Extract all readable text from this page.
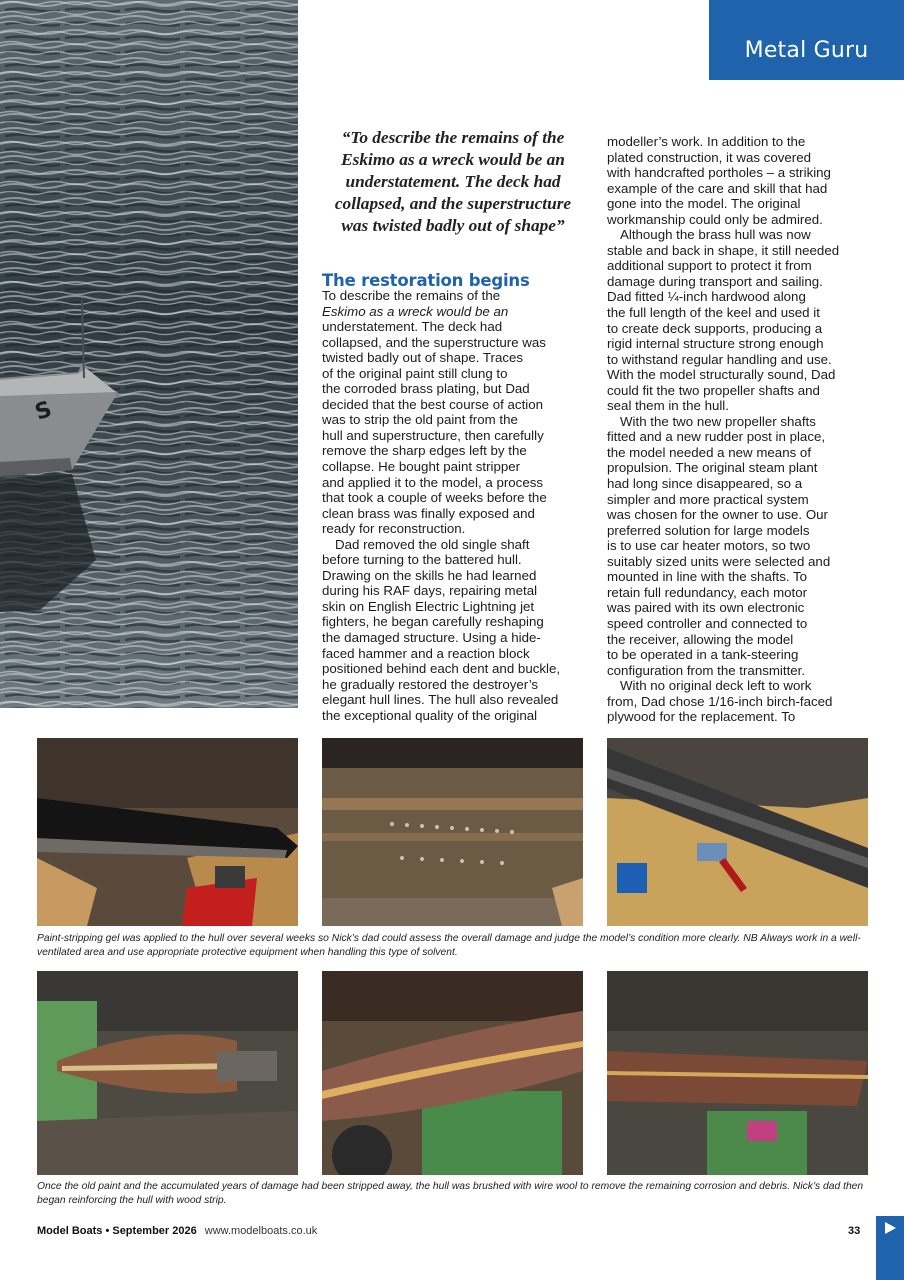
S
Metal Guru
“To describe the remains of the Eskimo as a wreck would be an understatement. The deck had collapsed, and the superstructure was twisted badly out of shape”
The restoration begins

To describe the remains of the

Eskimo as a wreck would be an

understatement. The deck had

collapsed, and the superstructure was

twisted badly out of shape. Traces

of the original paint still clung to

the corroded brass plating, but Dad

decided that the best course of action

was to strip the old paint from the

hull and superstructure, then carefully

remove the sharp edges left by the

collapse. He bought paint stripper

and applied it to the model, a process

that took a couple of weeks before the

clean brass was finally exposed and

ready for reconstruction.

Dad removed the old single shaft

before turning to the battered hull.

Drawing on the skills he had learned

during his RAF days, repairing metal

skin on English Electric Lightning jet

fighters, he began carefully reshaping

the damaged structure. Using a hide-

faced hammer and a reaction block

positioned behind each dent and buckle,

he gradually restored the destroyer’s

elegant hull lines. The hull also revealed

the exceptional quality of the original

modeller’s work. In addition to the

plated construction, it was covered

with handcrafted portholes – a striking

example of the care and skill that had

gone into the model. The original

workmanship could only be admired.

Although the brass hull was now

stable and back in shape, it still needed

additional support to protect it from

damage during transport and sailing.

Dad fitted ¼-inch hardwood along

the full length of the keel and used it

to create deck supports, producing a

rigid internal structure strong enough

to withstand regular handling and use.

With the model structurally sound, Dad

could fit the two propeller shafts and

seal them in the hull.

With the two new propeller shafts

fitted and a new rudder post in place,

the model needed a new means of

propulsion. The original steam plant

had long since disappeared, so a

simpler and more practical system

was chosen for the owner to use. Our

preferred solution for large models

is to use car heater motors, so two

suitably sized units were selected and

mounted in line with the shafts. To

retain full redundancy, each motor

was paired with its own electronic

speed controller and connected to

the receiver, allowing the model

to be operated in a tank-steering

configuration from the transmitter.

With no original deck left to work

from, Dad chose 1/16-inch birch-faced

plywood for the replacement. To

Paint-stripping gel was applied to the hull over several weeks so Nick’s dad could assess the overall damage and judge the model’s condition more clearly. NB Always work in a well-ventilated area and use appropriate protective equipment when handling this type of solvent.
Once the old paint and the accumulated years of damage had been stripped away, the hull was brushed with wire wool to remove the remaining corrosion and debris. Nick’s dad then began reinforcing the hull with wood strip.
Model Boats • September 2026 www.modelboats.co.uk	33
